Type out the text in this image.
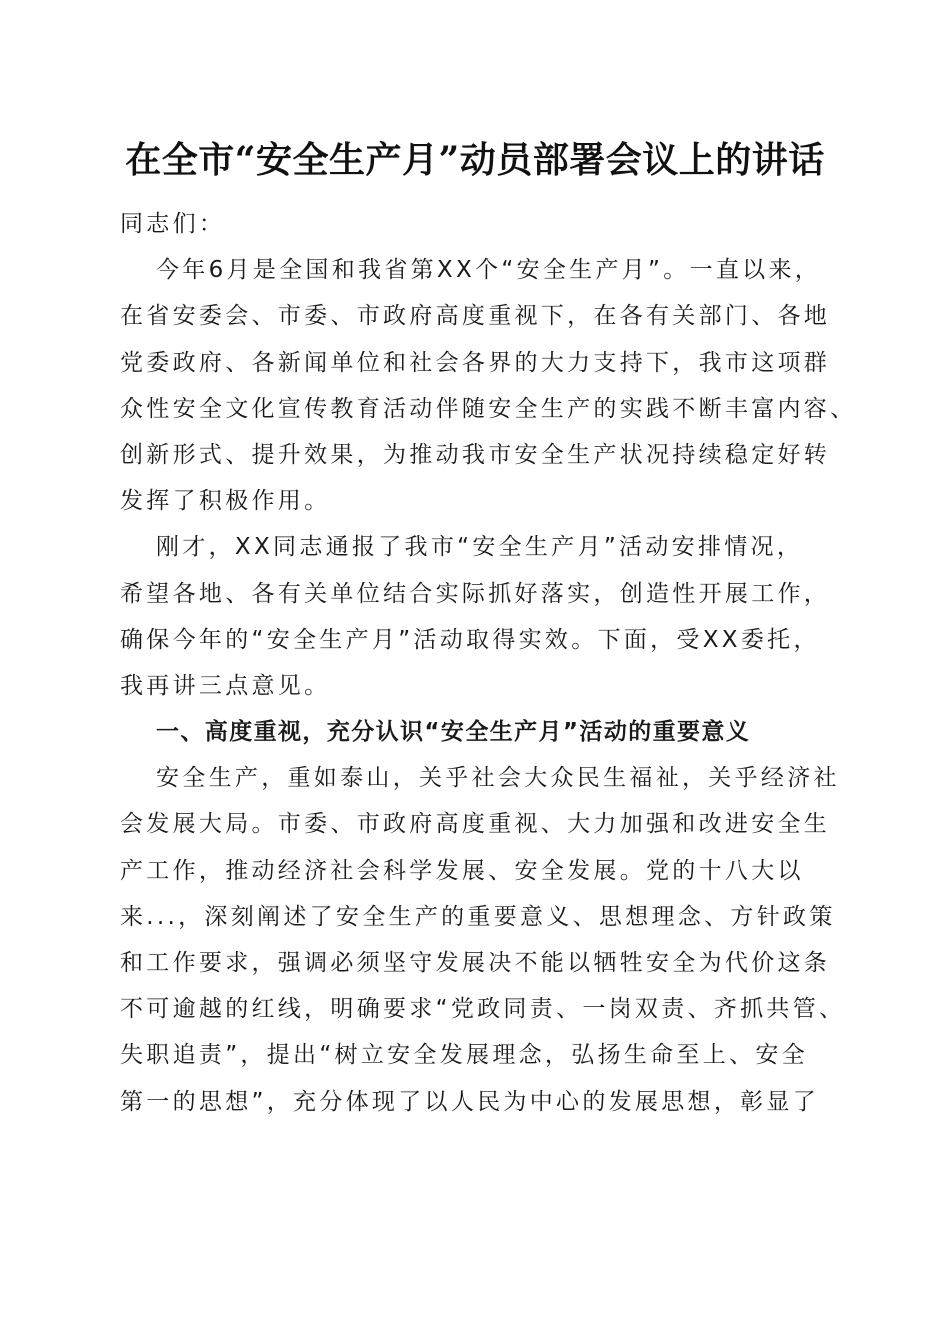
在全市“安全生产月”动员部署会议上的讲话
同志们：
今年6月是全国和我省第XX个“安全生产月”。一直以来，
在省安委会、市委、市政府高度重视下，在各有关部门、各地
党委政府、各新闻单位和社会各界的大力支持下，我市这项群
众性安全文化宣传教育活动伴随安全生产的实践不断丰富内容、
创新形式、提升效果，为推动我市安全生产状况持续稳定好转
发挥了积极作用。
刚才，XX同志通报了我市“安全生产月”活动安排情况，
希望各地、各有关单位结合实际抓好落实，创造性开展工作，
确保今年的“安全生产月”活动取得实效。下面，受XX委托，
我再讲三点意见。
一、高度重视，充分认识“安全生产月”活动的重要意义
安全生产，重如泰山，关乎社会大众民生福祉，关乎经济社
会发展大局。市委、市政府高度重视、大力加强和改进安全生
产工作，推动经济社会科学发展、安全发展。党的十八大以
来...，深刻阐述了安全生产的重要意义、思想理念、方针政策
和工作要求，强调必须坚守发展决不能以牺牲安全为代价这条
不可逾越的红线，明确要求“党政同责、一岗双责、齐抓共管、
失职追责”，提出“树立安全发展理念，弘扬生命至上、安全
第一的思想”，充分体现了以人民为中心的发展思想，彰显了
